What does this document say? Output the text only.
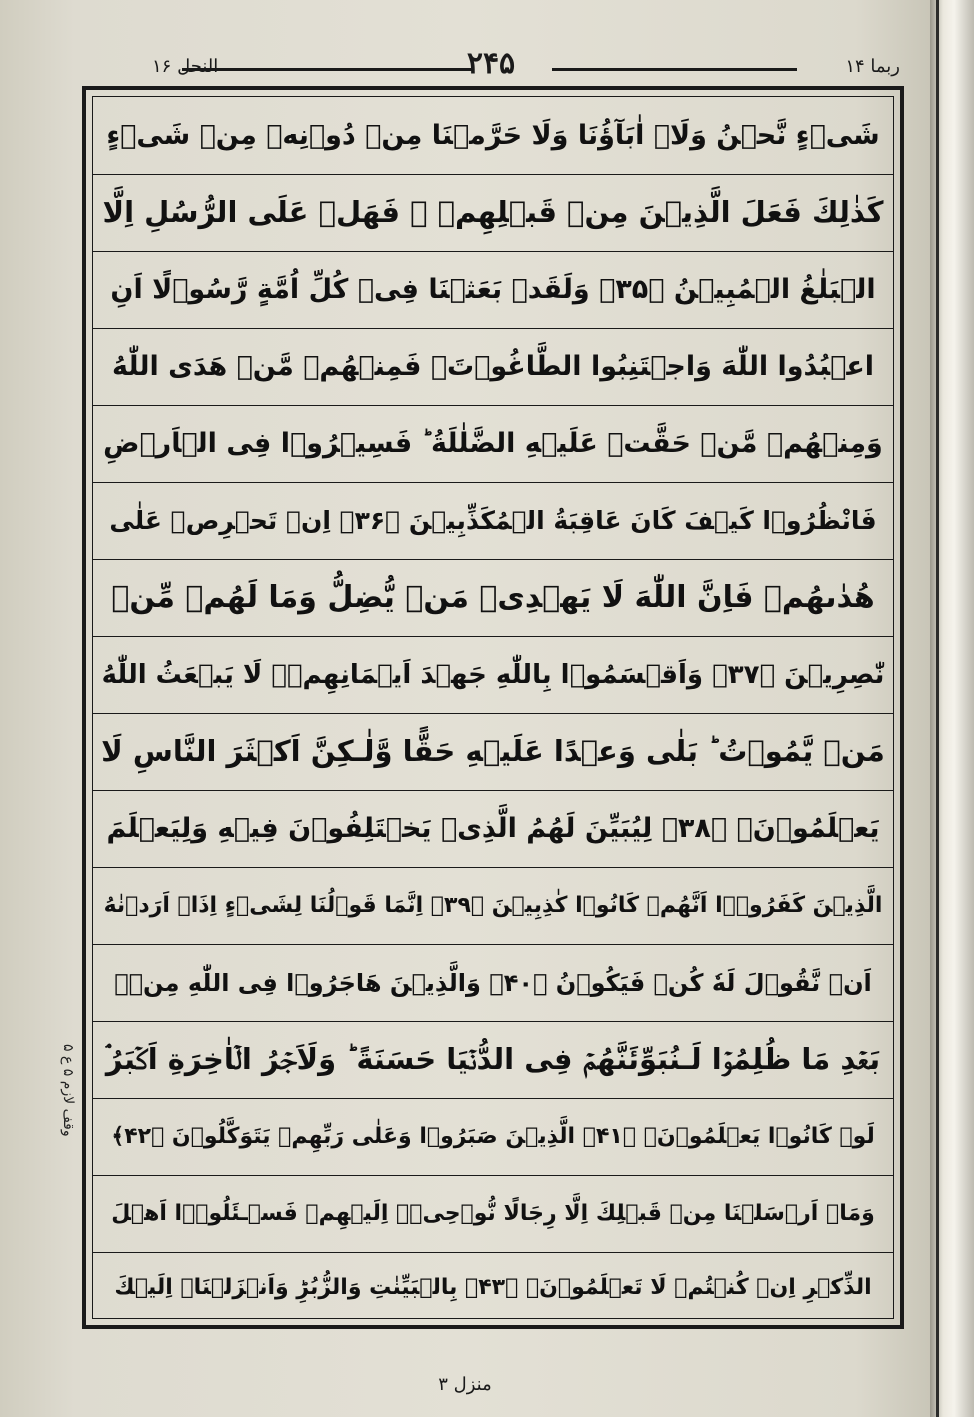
النحل ۱۶	۲۴۵	ربما ۱۴
شَىۡءٍ نَّحۡنُ وَلَاۤ اٰبَآؤُنَا وَلَا حَرَّمۡنَا مِنۡ دُوۡنِهٖ مِنۡ شَىۡءٍ
كَذٰلِكَ فَعَلَ الَّذِيۡنَ مِنۡ قَبۡلِهِمۡ‌ ۚ فَهَلۡ عَلَى الرُّسُلِ اِلَّا
الۡبَلٰغُ الۡمُبِيۡنُ ﴿۳۵﴾ وَلَقَدۡ بَعَثۡنَا فِىۡ كُلِّ اُمَّةٍ رَّسُوۡلًا اَنِ
اعۡبُدُوا اللّٰهَ وَاجۡتَنِبُوا الطَّاغُوۡتَ‌ۚ فَمِنۡهُمۡ مَّنۡ هَدَى اللّٰهُ
وَمِنۡهُمۡ مَّنۡ حَقَّتۡ عَلَيۡهِ الضَّلٰلَةُ‌ ؕ فَسِيۡرُوۡا فِى الۡاَرۡضِ
فَانْظُرُوۡا كَيۡفَ كَانَ عَاقِبَةُ الۡمُكَذِّبِيۡنَ ﴿۳۶﴾ اِنۡ تَحۡرِصۡ عَلٰى
هُدٰٮهُمۡ فَاِنَّ اللّٰهَ لَا يَهۡدِىۡ مَنۡ يُّضِلُّ‌ وَمَا لَهُمۡ مِّنۡ
نّٰصِرِيۡنَ ﴿۳۷﴾ وَاَقۡسَمُوۡا بِاللّٰهِ جَهۡدَ اَيۡمَانِهِمۡ‌ۙ لَا يَبۡعَثُ اللّٰهُ
مَنۡ يَّمُوۡتُ‌ ؕ بَلٰى وَعۡدًا عَلَيۡهِ حَقًّا وَّلٰـكِنَّ اَكۡثَرَ النَّاسِ لَا
يَعۡلَمُوۡنَۙ ﴿۳۸﴾ لِيُبَيِّنَ لَهُمُ الَّذِىۡ يَخۡتَلِفُوۡنَ فِيۡهِ وَلِيَعۡلَمَ
الَّذِيۡنَ كَفَرُوۡۤا اَنَّهُمۡ كَانُوۡا كٰذِبِيۡنَ ﴿۳۹﴾ اِنَّمَا قَوۡلُنَا لِشَىۡءٍ اِذَاۤ اَرَدۡنٰهُ
اَنۡ نَّقُوۡلَ لَهٗ كُنۡ فَيَكُوۡنُ ﴿۴۰﴾ وَالَّذِيۡنَ هَاجَرُوۡا فِى اللّٰهِ مِنۡۢ
بَعۡدِ مَا ظُلِمُوۡا لَـنُبَوِّئَنَّهُمۡ فِى الدُّنۡيَا حَسَنَةً‌ ؕ وَلَاَجۡرُ الۡاٰخِرَةِ اَكۡبَرُ‌ۘ
لَوۡ كَانُوۡا يَعۡلَمُوۡنَۙ ﴿۴۱﴾ الَّذِيۡنَ صَبَرُوۡا وَعَلٰى رَبِّهِمۡ يَتَوَكَّلُوۡنَ ﴿۴۲﴾
وَمَاۤ اَرۡسَلۡنَا مِنۡ قَبۡلِكَ اِلَّا رِجَالًا نُّوۡحِىۡۤ اِلَيۡهِمۡ‌ فَسۡـئَلُوۡۤا اَهۡلَ
الذِّكۡرِ اِنۡ كُنۡتُمۡ لَا تَعۡلَمُوۡنَۙ ﴿۴۳﴾ بِالۡبَيِّنٰتِ وَالزُّبُرِ‌ؕ وَاَنۡزَلۡنَاۤ اِلَيۡكَ
وقف لازم ۵ ع ۵
منزل ۳
